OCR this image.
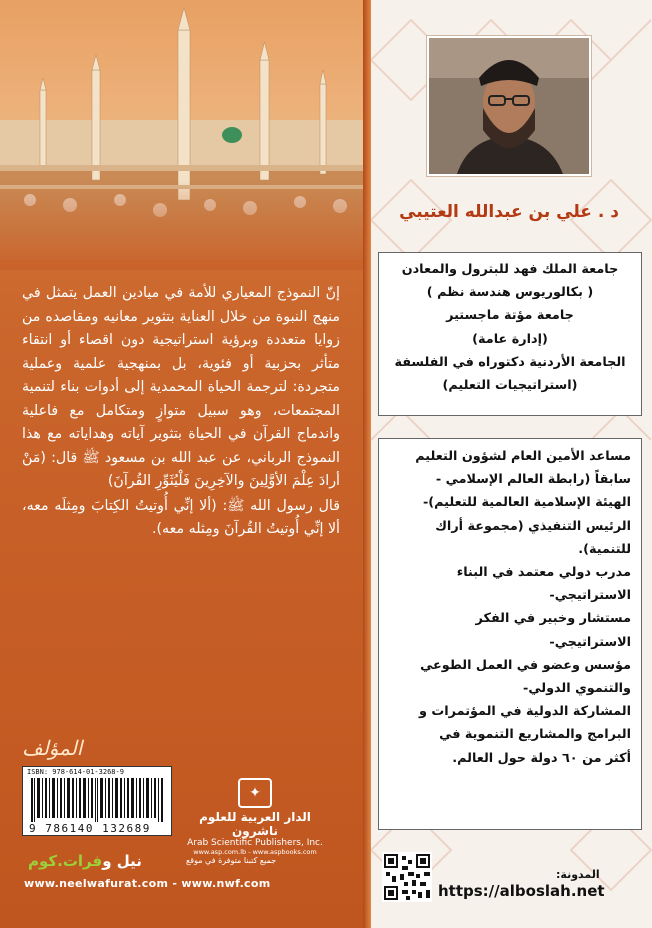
إنّ النموذج المعياري للأمة في ميادين العمل يتمثل في منهج النبوة من خلال العناية بتثوير معانيه ومقاصده من زوايا متعددة وبرؤية استراتيجية دون اقصاء أو انتقاء متأثر بحزبية أو فئوية، بل بمنهجية علمية وعملية متجردة: لترجمة الحياة المحمدية إلى أدوات بناء لتنمية المجتمعات، وهو سبيل متوازٍ ومتكامل مع فاعلية واندماج القرآن في الحياة بتثوير آياته وهداياته مع هذا النموذج الرباني، عن عبد الله بن مسعود ﷺ قال: (مَنْ أرادَ عِلْمَ الأوَّلِينَ والآخِرِينَ فَلْيُثَوِّرِ القُرآنَ)

قال رسول الله ﷺ: (ألا إنِّي أُوتيتُ الكِتابَ ومِثلَه معه، ألا إنِّي أُوتيتُ القُرآنَ ومِثله معه).

المؤلف
ISBN: 978-614-01-3268-9
9 786140 132689
✦
الدار العربية للعلوم ناشرون
Arab Scientific Publishers, Inc.
www.asp.com.lb - www.aspbooks.com
جميع كتبنا متوفرة في موقع
نيل وفرات.كوم
www.neelwafurat.com - www.nwf.com
د . علي بن عبدالله العتيبي

جامعة الملك فهد للبترول والمعادن

( بكالوريوس هندسة نظم )

جامعة مؤتة ماجستير

(إدارة عامة)

الجامعة الأردنية دكتوراه في الفلسفة

(استراتيجيات التعليم)

مساعد الأمين العام لشؤون التعليم

سابقاً (رابطة العالم الإسلامي -

الهيئة الإسلامية العالمية للتعليم)-

الرئيس التنفيذي (مجموعة أراك

للتنمية).

مدرب دولي معتمد في البناء

الاستراتيجي-

مستشار وخبير في الفكر

الاستراتيجي-

مؤسس وعضو في العمل الطوعي

والتنموي الدولي-

المشاركة الدولية في المؤتمرات و

البرامج والمشاريع التنموية في

أكثر من ٦٠ دولة حول العالم.

المدونة:
https://alboslah.net
